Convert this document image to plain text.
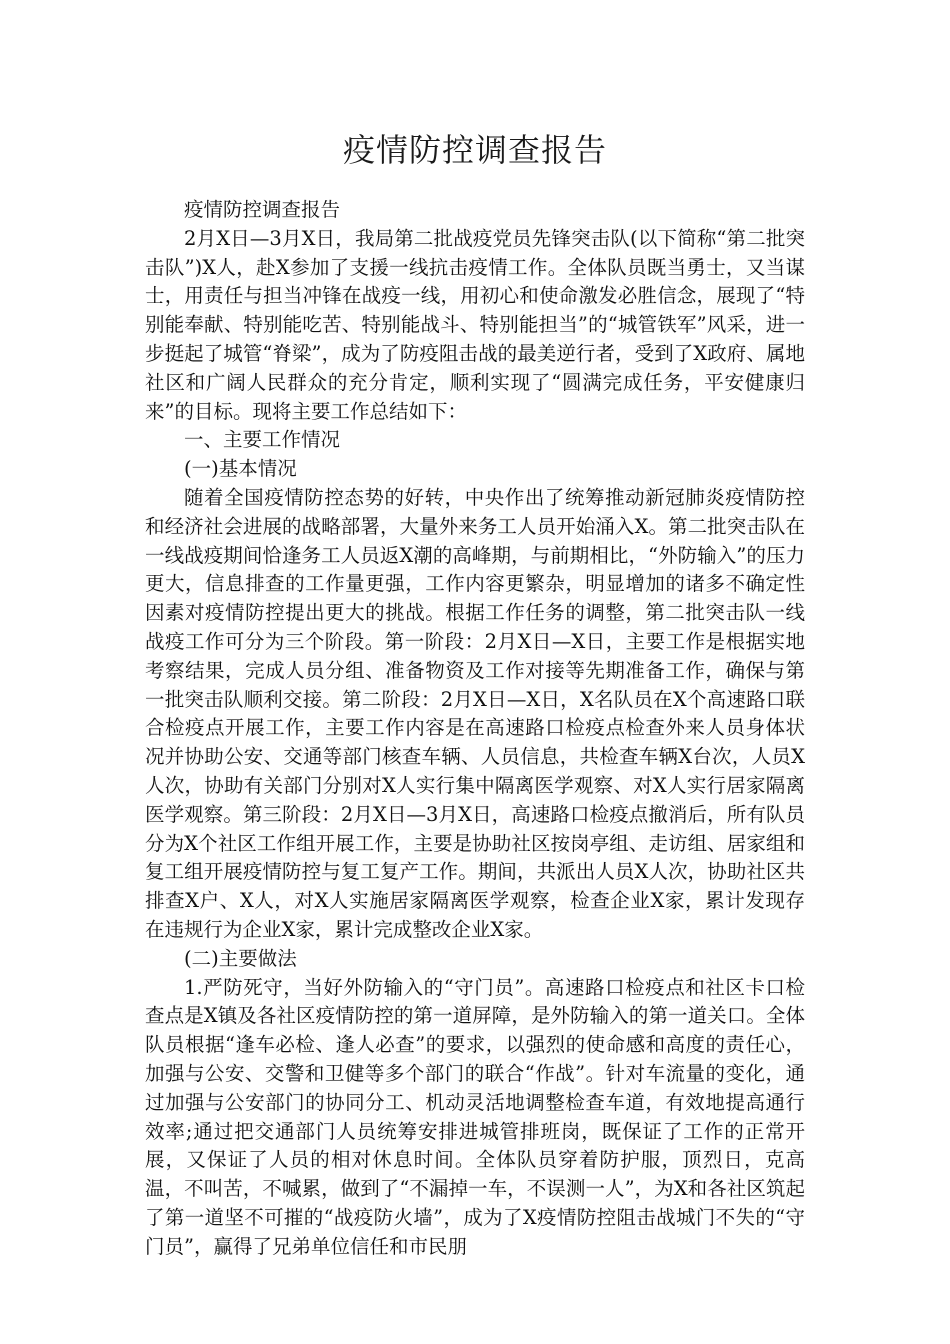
疫情防控调查报告

疫情防控调查报告

2月X日—3月X日，我局第二批战疫党员先锋突击队(以下简称“第二批突击队”)X人，赴X参加了支援一线抗击疫情工作。全体队员既当勇士，又当谋士，用责任与担当冲锋在战疫一线，用初心和使命激发必胜信念，展现了“特别能奉献、特别能吃苦、特别能战斗、特别能担当”的“城管铁军”风采，进一步挺起了城管“脊梁”，成为了防疫阻击战的最美逆行者，受到了X政府、属地社区和广阔人民群众的充分肯定，顺利实现了“圆满完成任务，平安健康归来”的目标。现将主要工作总结如下：

一、主要工作情况

(一)基本情况

随着全国疫情防控态势的好转，中央作出了统筹推动新冠肺炎疫情防控和经济社会进展的战略部署，大量外来务工人员开始涌入X。第二批突击队在一线战疫期间恰逢务工人员返X潮的高峰期，与前期相比，“外防输入”的压力更大，信息排查的工作量更强，工作内容更繁杂，明显增加的诸多不确定性因素对疫情防控提出更大的挑战。根据工作任务的调整，第二批突击队一线战疫工作可分为三个阶段。第一阶段：2月X日—X日，主要工作是根据实地考察结果，完成人员分组、准备物资及工作对接等先期准备工作，确保与第一批突击队顺利交接。第二阶段：2月X日—X日，X名队员在X个高速路口联合检疫点开展工作，主要工作内容是在高速路口检疫点检查外来人员身体状况并协助公安、交通等部门核查车辆、人员信息，共检查车辆X台次，人员X人次，协助有关部门分别对X人实行集中隔离医学观察、对X人实行居家隔离医学观察。第三阶段：2月X日—3月X日，高速路口检疫点撤消后，所有队员分为X个社区工作组开展工作，主要是协助社区按岗亭组、走访组、居家组和复工组开展疫情防控与复工复产工作。期间，共派出人员X人次，协助社区共排查X户、X人，对X人实施居家隔离医学观察，检查企业X家，累计发现存在违规行为企业X家，累计完成整改企业X家。

(二)主要做法

1.严防死守，当好外防输入的“守门员”。高速路口检疫点和社区卡口检查点是X镇及各社区疫情防控的第一道屏障，是外防输入的第一道关口。全体队员根据“逢车必检、逢人必查”的要求，以强烈的使命感和高度的责任心，加强与公安、交警和卫健等多个部门的联合“作战”。针对车流量的变化，通过加强与公安部门的协同分工、机动灵活地调整检查车道，有效地提高通行效率;通过把交通部门人员统筹安排进城管排班岗，既保证了工作的正常开展，又保证了人员的相对休息时间。全体队员穿着防护服，顶烈日，克高温，不叫苦，不喊累，做到了“不漏掉一车，不误测一人”，为X和各社区筑起了第一道坚不可摧的“战疫防火墙”，成为了X疫情防控阻击战城门不失的“守门员”，赢得了兄弟单位信任和市民朋
